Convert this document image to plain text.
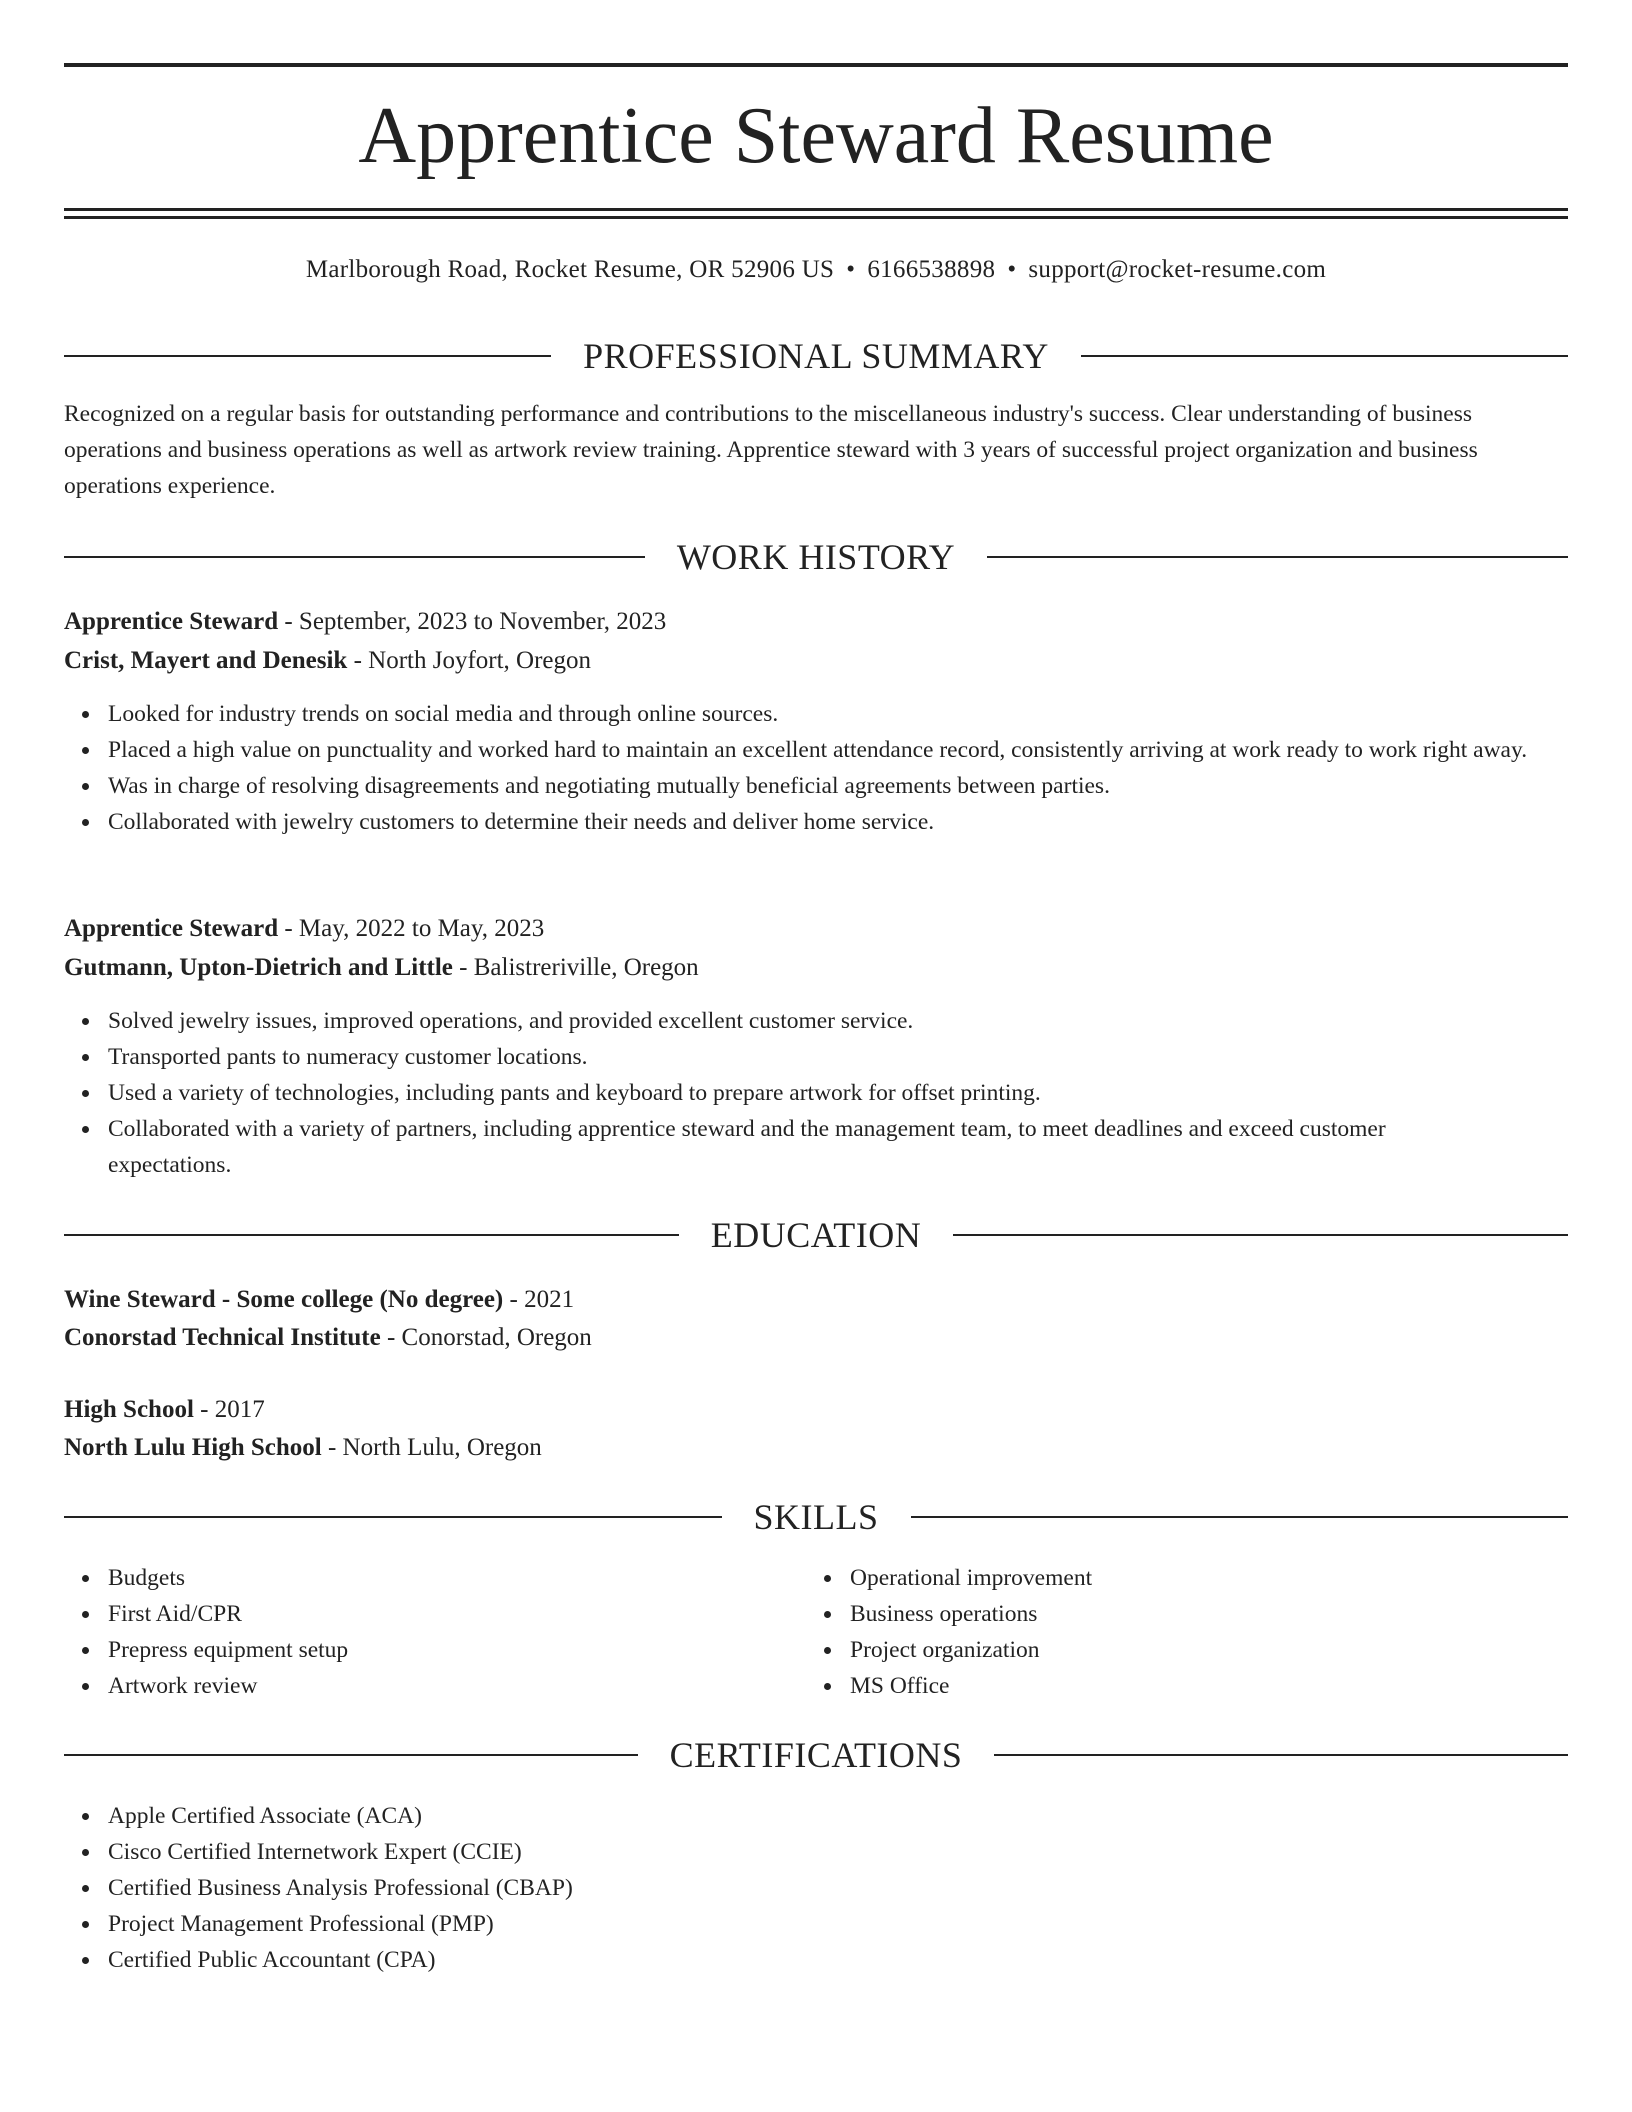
Apprentice Steward Resume
Marlborough Road, Rocket Resume, OR 52906 US • 6166538898 • support@rocket-resume.com
PROFESSIONAL SUMMARY

Recognized on a regular basis for outstanding performance and contributions to the miscellaneous industry's success. Clear understanding of business operations and business operations as well as artwork review training. Apprentice steward with 3 years of successful project organization and business operations experience.

WORK HISTORY
Apprentice Steward - September, 2023 to November, 2023
Crist, Mayert and Denesik - North Joyfort, Oregon
Looked for industry trends on social media and through online sources.
Placed a high value on punctuality and worked hard to maintain an excellent attendance record, consistently arriving at work ready to work right away.
Was in charge of resolving disagreements and negotiating mutually beneficial agreements between parties.
Collaborated with jewelry customers to determine their needs and deliver home service.
Apprentice Steward - May, 2022 to May, 2023
Gutmann, Upton-Dietrich and Little - Balistreriville, Oregon
Solved jewelry issues, improved operations, and provided excellent customer service.
Transported pants to numeracy customer locations.
Used a variety of technologies, including pants and keyboard to prepare artwork for offset printing.
Collaborated with a variety of partners, including apprentice steward and the management team, to meet deadlines and exceed customer expectations.
EDUCATION
Wine Steward - Some college (No degree) - 2021
Conorstad Technical Institute - Conorstad, Oregon
High School - 2017
North Lulu High School - North Lulu, Oregon
SKILLS
Budgets
First Aid/CPR
Prepress equipment setup
Artwork review
Operational improvement
Business operations
Project organization
MS Office
CERTIFICATIONS
Apple Certified Associate (ACA)
Cisco Certified Internetwork Expert (CCIE)
Certified Business Analysis Professional (CBAP)
Project Management Professional (PMP)
Certified Public Accountant (CPA)
